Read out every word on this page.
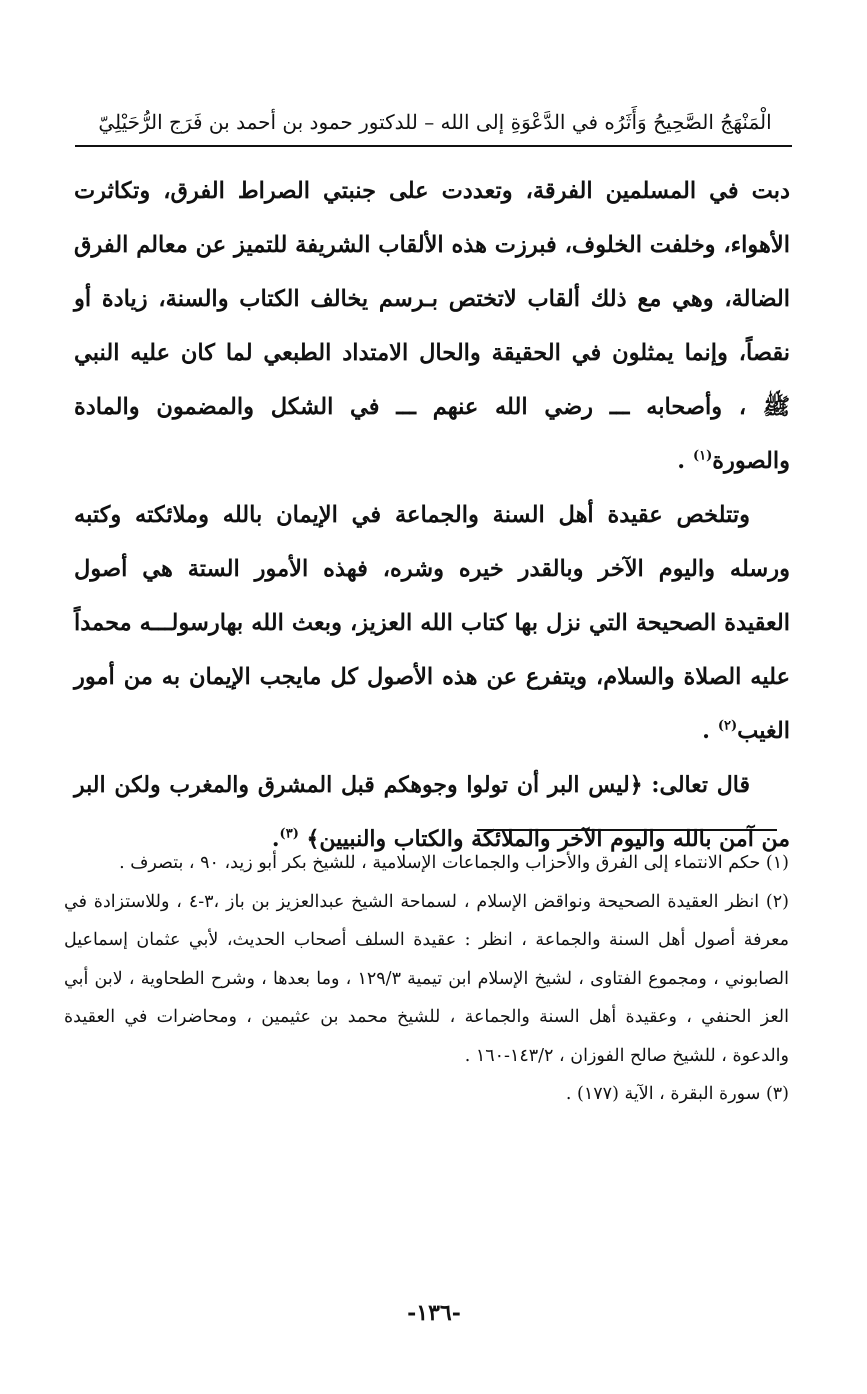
الْمَنْهَجُ الصَّحِيحُ وَأَثَرُه في الدَّعْوَةِ إلى الله – للدكتور حمود بن أحمد بن فَرَج الرُّحَيْلِيّ

دبت في المسلمين الفرقة، وتعددت على جنبتي الصراط الفرق، وتكاثرت الأهواء، وخلفت الخلوف، فبرزت هذه الألقاب الشريفة للتميز عن معالم الفرق الضالة، وهي مع ذلك ألقاب لاتختص بـرسم يخالف الكتاب والسنة، زيادة أو نقصاً، وإنما يمثلون في الحقيقة والحال الامتداد الطبعي لما كان عليه النبي ﷺ ، وأصحابه ـــ رضي الله عنهم ـــ في الشكل والمضمون والمادة والصورة$^{(١)}$ .

وتتلخص عقيدة أهل السنة والجماعة في الإيمان بالله وملائكته وكتبه ورسله واليوم الآخر وبالقدر خيره وشره، فهذه الأمور الستة هي أصول العقيدة الصحيحة التي نزل بها كتاب الله العزيز، وبعث الله بهارسولـــه محمداً عليه الصلاة والسلام، ويتفرع عن هذه الأصول كل مايجب الإيمان به من أمور الغيب$^{(٢)}$ .

قال تعالى: ﴿ليس البر أن تولوا وجوهكم قبل المشرق والمغرب ولكن البر من آمن بالله واليوم الآخر والملائكة والكتاب والنبيين﴾ $^{(٣)}$.

(١) حكم الانتماء إلى الفرق والأحزاب والجماعات الإسلامية ، للشيخ بكر أبو زيد، ٩٠ ، بتصرف .

(٢) انظر العقيدة الصحيحة ونواقض الإسلام ، لسماحة الشيخ عبدالعزيز بن باز ،٣-٤ ، وللاستزادة في معرفة أصول أهل السنة والجماعة ، انظر : عقيدة السلف أصحاب الحديث، لأبي عثمان إسماعيل الصابوني ، ومجموع الفتاوى ، لشيخ الإسلام ابن تيمية ١٢٩/٣ ، وما بعدها ، وشرح الطحاوية ، لابن أبي العز الحنفي ، وعقيدة أهل السنة والجماعة ، للشيخ محمد بن عثيمين ، ومحاضرات في العقيدة والدعوة ، للشيخ صالح الفوزان ، ١٤٣/٢-١٦٠ .

(٣) سورة البقرة ، الآية (١٧٧) .

-١٣٦-
